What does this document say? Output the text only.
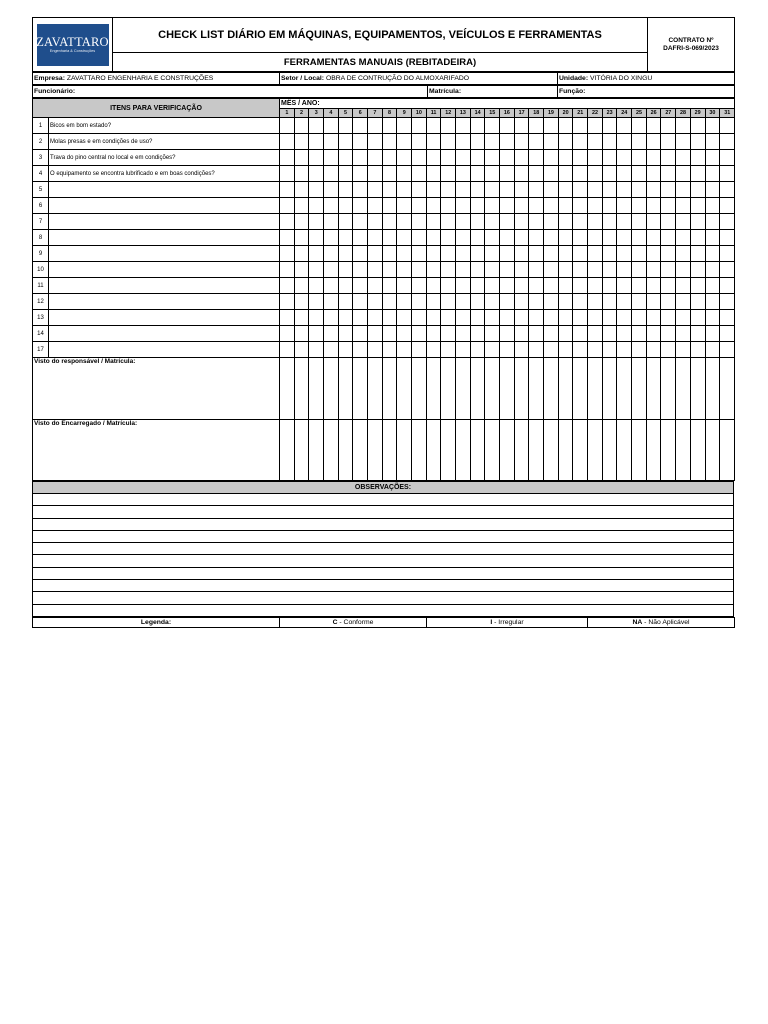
ZAVATTARO
Engenharia & Construções
	CHECK LIST DIÁRIO EM MÁQUINAS, EQUIPAMENTOS, VEÍCULOS E FERRAMENTAS	CONTRATO Nº
DAFRI-S-069/2023

FERRAMENTAS MANUAIS (REBITADEIRA)
Empresa: ZAVATTARO ENGENHARIA E CONSTRUÇÕES	Setor / Local: OBRA DE CONTRUÇÃO DO ALMOXARIFADO	Unidade: VITÓRIA DO XINGU
Funcionário:	Matrícula:	Função:
ITENS PARA VERIFICAÇÃO		MÊS / ANO:																														
		1	2	3	4	5	6	7	8	9	10	11	12	13	14	15	16	17	18	19	20	21	22	23	24	25	26	27	28	29	30	31
1	Bicos em bom estado?																															
2	Molas presas e em condições de uso?																															
3	Trava do pino central no local e em condições?																															
4	O equipamento se encontra lubrificado e em boas condições?																															
5																																
6																																
7																																
8																																
9																																
10																																
11																																
12																																
13																																
14																																
17																																
Visto do responsável / Matrícula:																																
Visto do Encarregado / Matrícula:																																
OBSERVAÇÕES:

Legenda:	C - Conforme	I - Irregular	NA - Não Aplicável
